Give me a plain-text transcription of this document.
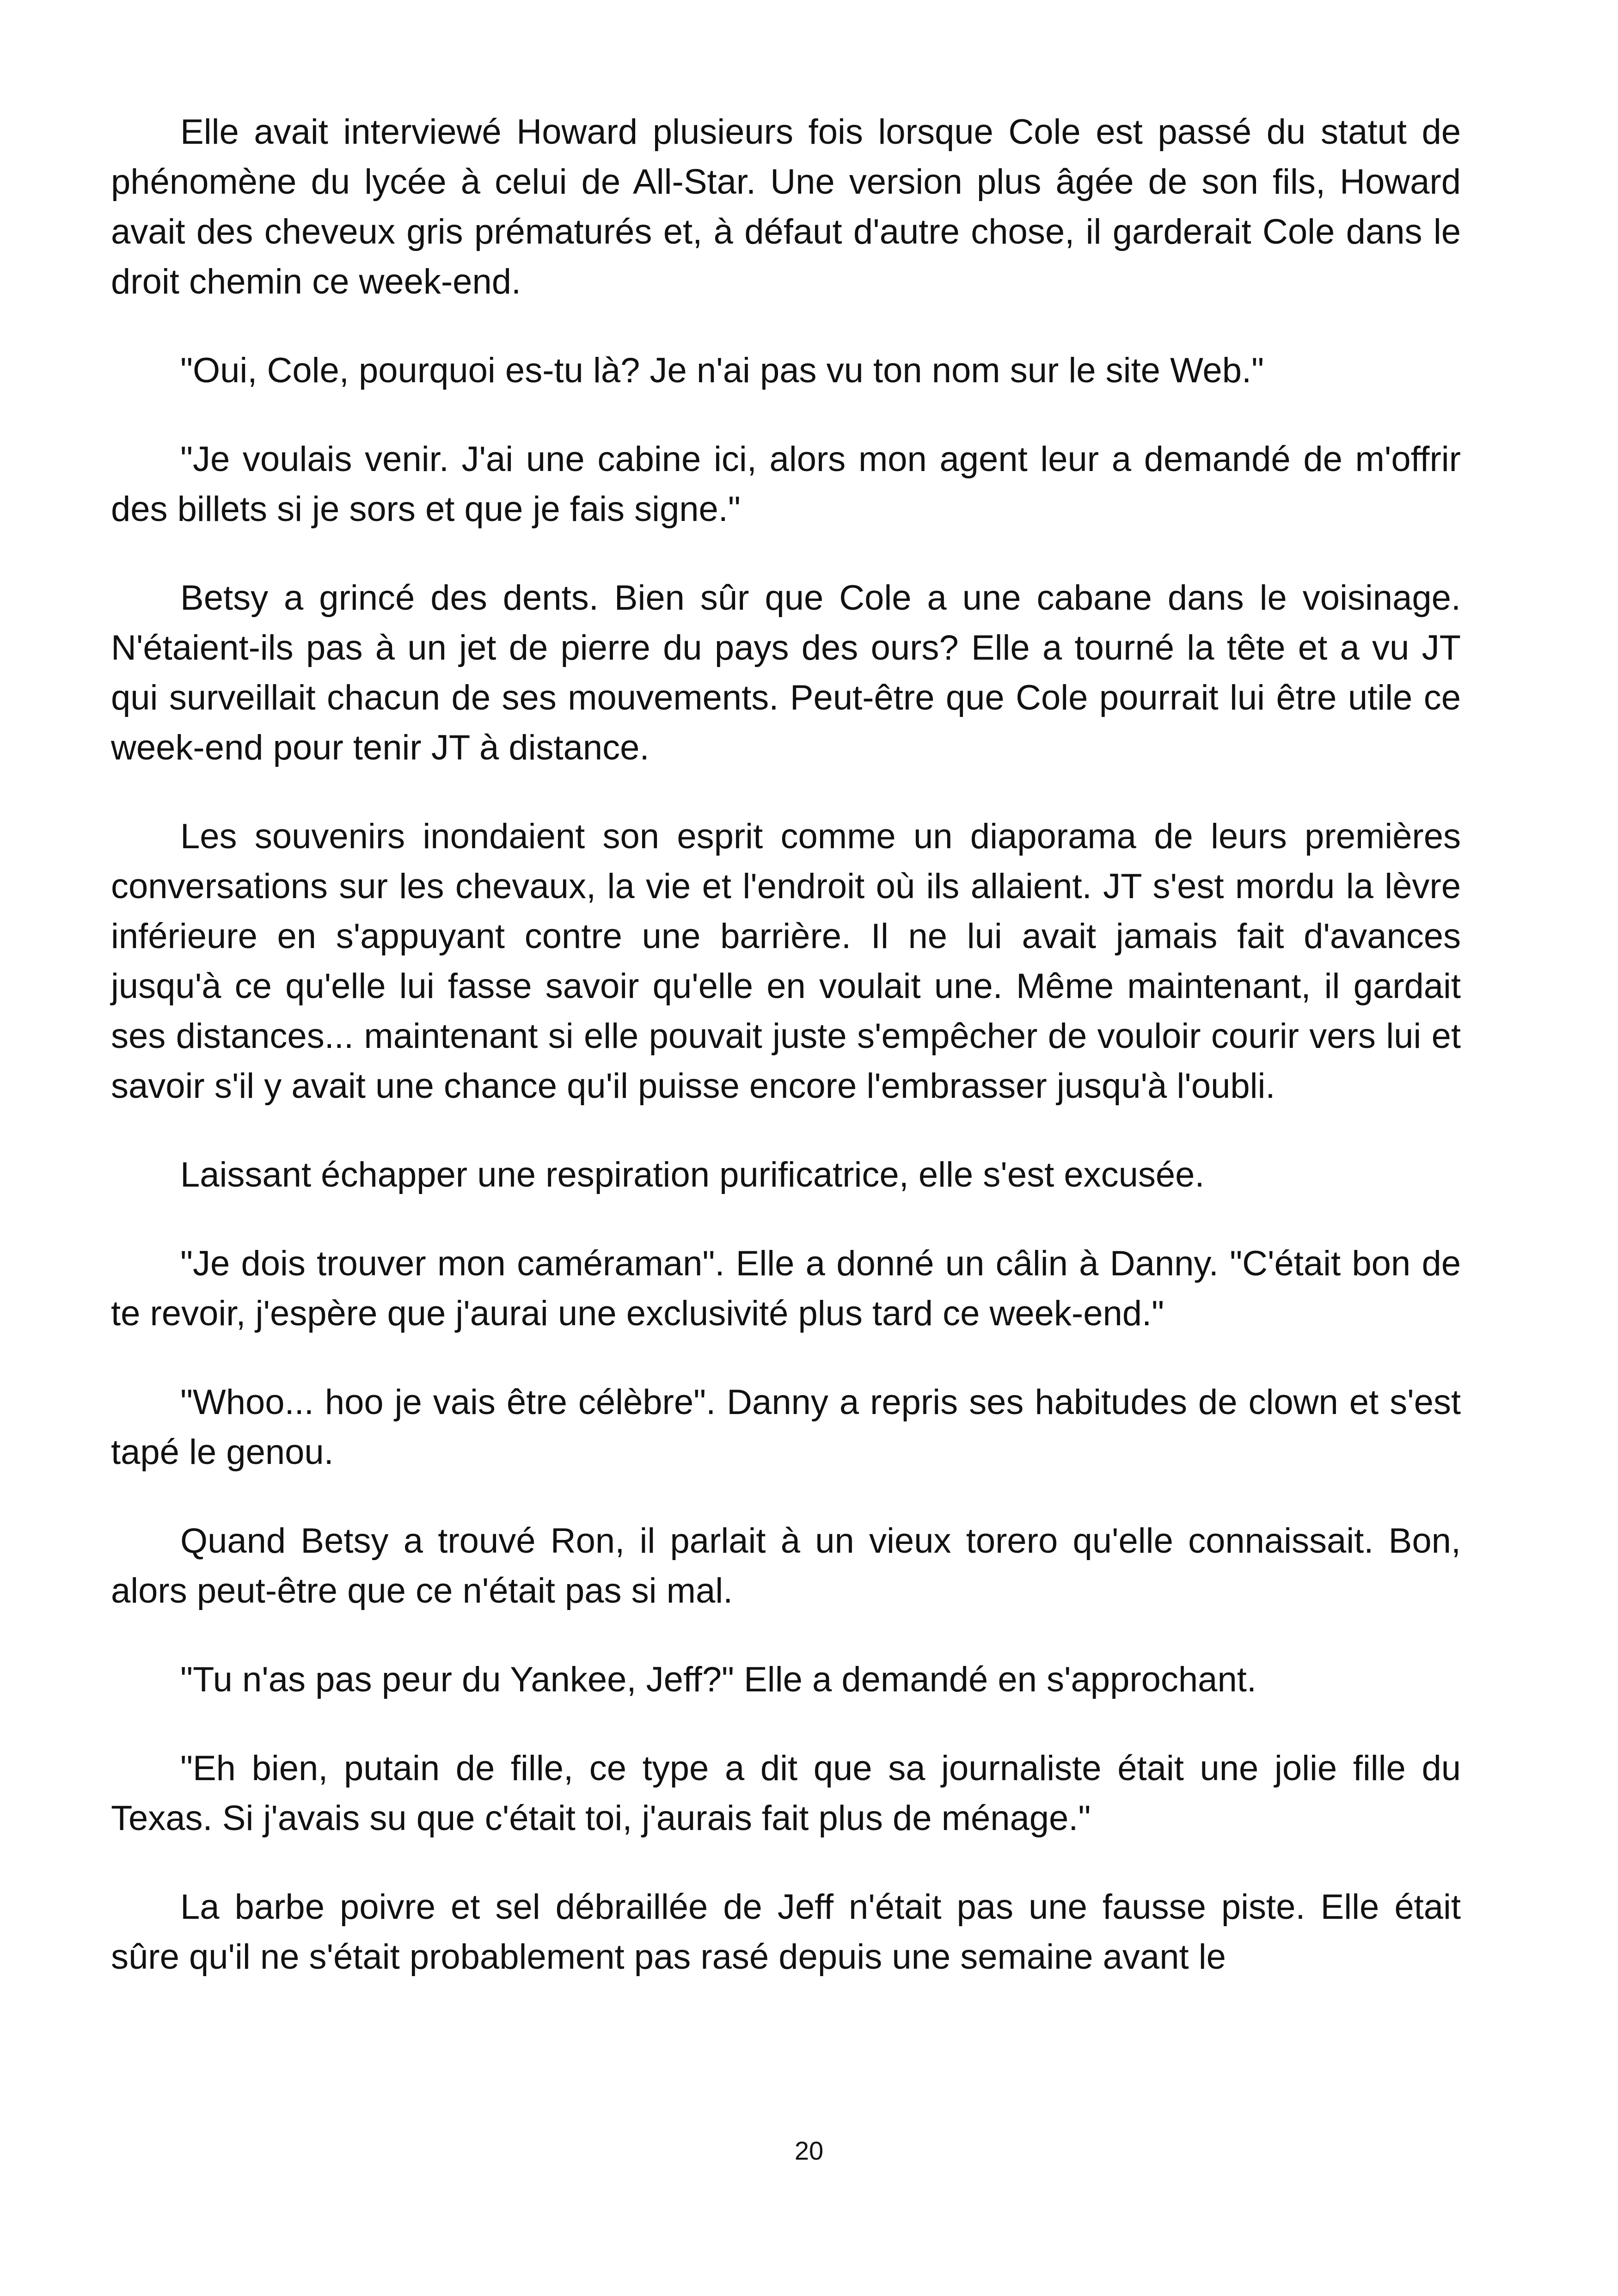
Elle avait interviewé Howard plusieurs fois lorsque Cole est passé du statut de phénomène du lycée à celui de All-Star. Une version plus âgée de son fils, Howard avait des cheveux gris prématurés et, à défaut d'autre chose, il garderait Cole dans le droit chemin ce week-end.

"Oui, Cole, pourquoi es-tu là? Je n'ai pas vu ton nom sur le site Web."

"Je voulais venir. J'ai une cabine ici, alors mon agent leur a demandé de m'offrir des billets si je sors et que je fais signe."

Betsy a grincé des dents. Bien sûr que Cole a une cabane dans le voisinage. N'étaient-ils pas à un jet de pierre du pays des ours? Elle a tourné la tête et a vu JT qui surveillait chacun de ses mouvements. Peut-être que Cole pourrait lui être utile ce week-end pour tenir JT à distance.

Les souvenirs inondaient son esprit comme un diaporama de leurs premières conversations sur les chevaux, la vie et l'endroit où ils allaient. JT s'est mordu la lèvre inférieure en s'appuyant contre une barrière. Il ne lui avait jamais fait d'avances jusqu'à ce qu'elle lui fasse savoir qu'elle en voulait une. Même maintenant, il gardait ses distances... maintenant si elle pouvait juste s'empêcher de vouloir courir vers lui et savoir s'il y avait une chance qu'il puisse encore l'embrasser jusqu'à l'oubli.

Laissant échapper une respiration purificatrice, elle s'est excusée.

"Je dois trouver mon caméraman". Elle a donné un câlin à Danny. "C'était bon de te revoir, j'espère que j'aurai une exclusivité plus tard ce week-end."

"Whoo... hoo je vais être célèbre". Danny a repris ses habitudes de clown et s'est tapé le genou.

Quand Betsy a trouvé Ron, il parlait à un vieux torero qu'elle connaissait. Bon, alors peut-être que ce n'était pas si mal.

"Tu n'as pas peur du Yankee, Jeff?" Elle a demandé en s'approchant.

"Eh bien, putain de fille, ce type a dit que sa journaliste était une jolie fille du Texas. Si j'avais su que c'était toi, j'aurais fait plus de ménage."

La barbe poivre et sel débraillée de Jeff n'était pas une fausse piste. Elle était sûre qu'il ne s'était probablement pas rasé depuis une semaine avant le

20
